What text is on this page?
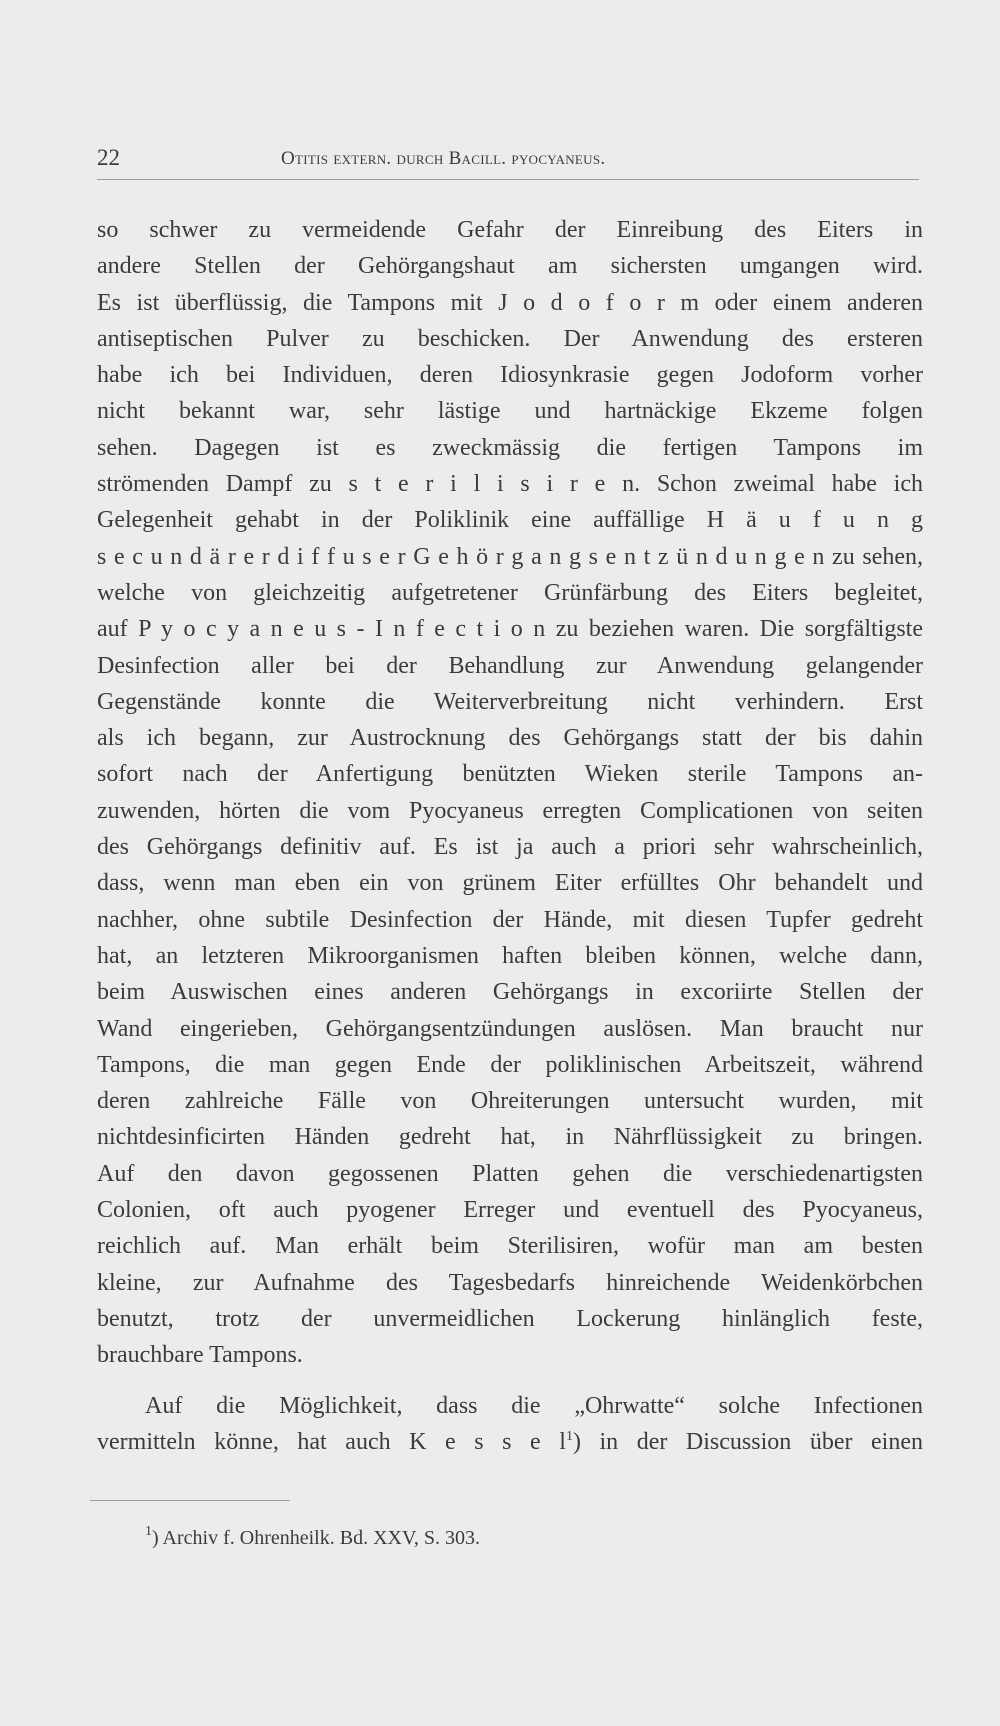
22	Otitis extern. durch Bacill. pyocyaneus.
so schwer zu vermeidende Gefahr der Einreibung des Eiters in
andere Stellen der Gehörgangshaut am sichersten umgangen wird.
Es ist überflüssig, die Tampons mit J o d o f o r m oder einem anderen
antiseptischen Pulver zu beschicken. Der Anwendung des ersteren
habe ich bei Individuen, deren Idiosynkrasie gegen Jodoform vorher
nicht bekannt war, sehr lästige und hartnäckige Ekzeme folgen
sehen. Dagegen ist es zweckmässig die fertigen Tampons im
strömenden Dampf zu s t e r i l i s i r e n. Schon zweimal habe ich
Gelegenheit gehabt in der Poliklinik eine auffällige H ä u f u n g
s e c u n d ä r e r d i f f u s e r G e h ö r g a n g s e n t z ü n d u n g e n zu sehen,
welche von gleichzeitig aufgetretener Grünfärbung des Eiters begleitet,
auf P y o c y a n e u s - I n f e c t i o n zu beziehen waren. Die sorgfältigste
Desinfection aller bei der Behandlung zur Anwendung gelangender
Gegenstände konnte die Weiterverbreitung nicht verhindern. Erst
als ich begann, zur Austrocknung des Gehörgangs statt der bis dahin
sofort nach der Anfertigung benützten Wieken sterile Tampons an-
zuwenden, hörten die vom Pyocyaneus erregten Complicationen von seiten
des Gehörgangs definitiv auf. Es ist ja auch a priori sehr wahrscheinlich,
dass, wenn man eben ein von grünem Eiter erfülltes Ohr behandelt und
nachher, ohne subtile Desinfection der Hände, mit diesen Tupfer gedreht
hat, an letzteren Mikroorganismen haften bleiben können, welche dann,
beim Auswischen eines anderen Gehörgangs in excoriirte Stellen der
Wand eingerieben, Gehörgangsentzündungen auslösen. Man braucht nur
Tampons, die man gegen Ende der poliklinischen Arbeitszeit, während
deren zahlreiche Fälle von Ohreiterungen untersucht wurden, mit
nichtdesinficirten Händen gedreht hat, in Nährflüssigkeit zu bringen.
Auf den davon gegossenen Platten gehen die verschiedenartigsten
Colonien, oft auch pyogener Erreger und eventuell des Pyocyaneus,
reichlich auf. Man erhält beim Sterilisiren, wofür man am besten
kleine, zur Aufnahme des Tagesbedarfs hinreichende Weidenkörbchen
benutzt, trotz der unvermeidlichen Lockerung hinlänglich feste,
brauchbare Tampons.
Auf die Möglichkeit, dass die „Ohrwatte“ solche Infectionen
vermitteln könne, hat auch K e s s e $l^1$) in der Discussion über einen
$^1$) Archiv f. Ohrenheilk. Bd. XXV, S. 303.
